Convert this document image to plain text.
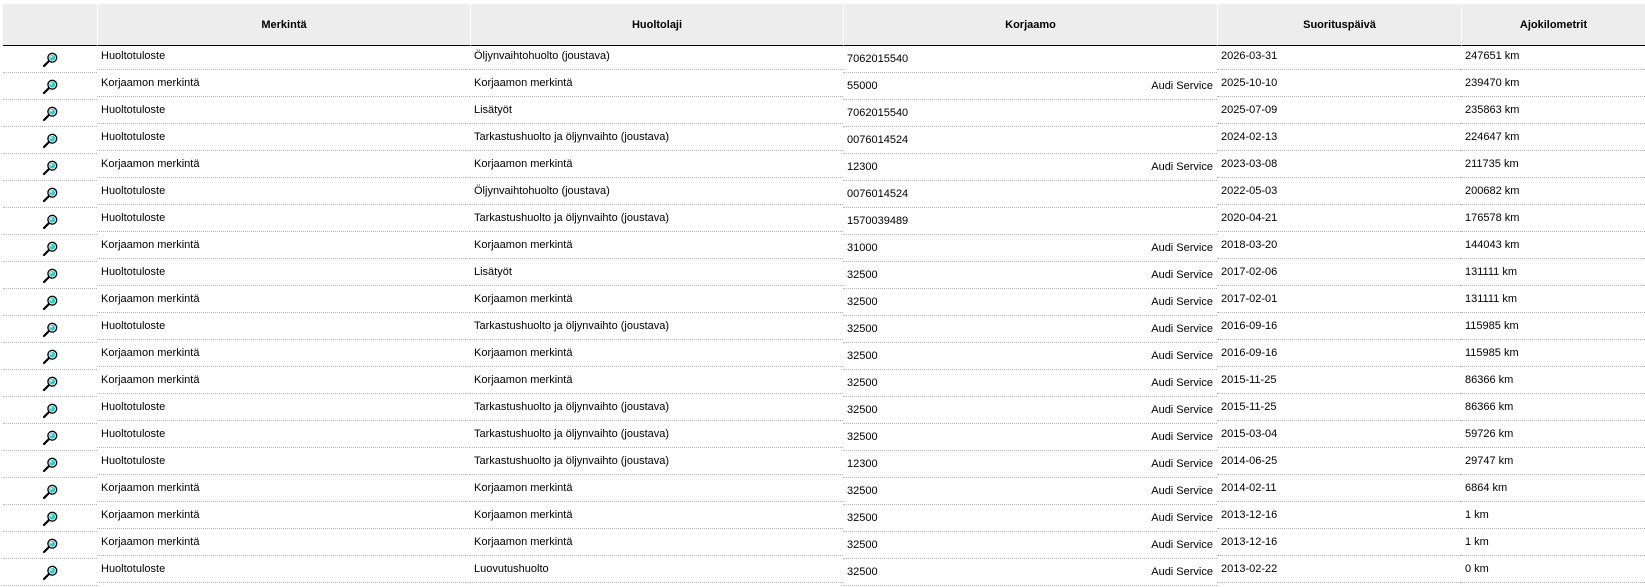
	Merkintä	Huoltolaji	Korjaamo	Suorituspäivä	Ajokilometrit
	Huoltotuloste	Öljynvaihtohuolto (joustava)	7062015540	2026-03-31	247651 km
	Korjaamon merkintä	Korjaamon merkintä	55000 Audi Service	2025-10-10	239470 km
	Huoltotuloste	Lisätyöt	7062015540	2025-07-09	235863 km
	Huoltotuloste	Tarkastushuolto ja öljynvaihto (joustava)	0076014524	2024-02-13	224647 km
	Korjaamon merkintä	Korjaamon merkintä	12300 Audi Service	2023-03-08	211735 km
	Huoltotuloste	Öljynvaihtohuolto (joustava)	0076014524	2022-05-03	200682 km
	Huoltotuloste	Tarkastushuolto ja öljynvaihto (joustava)	1570039489	2020-04-21	176578 km
	Korjaamon merkintä	Korjaamon merkintä	31000 Audi Service	2018-03-20	144043 km
	Huoltotuloste	Lisätyöt	32500 Audi Service	2017-02-06	131111 km
	Korjaamon merkintä	Korjaamon merkintä	32500 Audi Service	2017-02-01	131111 km
	Huoltotuloste	Tarkastushuolto ja öljynvaihto (joustava)	32500 Audi Service	2016-09-16	115985 km
	Korjaamon merkintä	Korjaamon merkintä	32500 Audi Service	2016-09-16	115985 km
	Korjaamon merkintä	Korjaamon merkintä	32500 Audi Service	2015-11-25	86366 km
	Huoltotuloste	Tarkastushuolto ja öljynvaihto (joustava)	32500 Audi Service	2015-11-25	86366 km
	Huoltotuloste	Tarkastushuolto ja öljynvaihto (joustava)	32500 Audi Service	2015-03-04	59726 km
	Huoltotuloste	Tarkastushuolto ja öljynvaihto (joustava)	12300 Audi Service	2014-06-25	29747 km
	Korjaamon merkintä	Korjaamon merkintä	32500 Audi Service	2014-02-11	6864 km
	Korjaamon merkintä	Korjaamon merkintä	32500 Audi Service	2013-12-16	1 km
	Korjaamon merkintä	Korjaamon merkintä	32500 Audi Service	2013-12-16	1 km
	Huoltotuloste	Luovutushuolto	32500 Audi Service	2013-02-22	0 km
